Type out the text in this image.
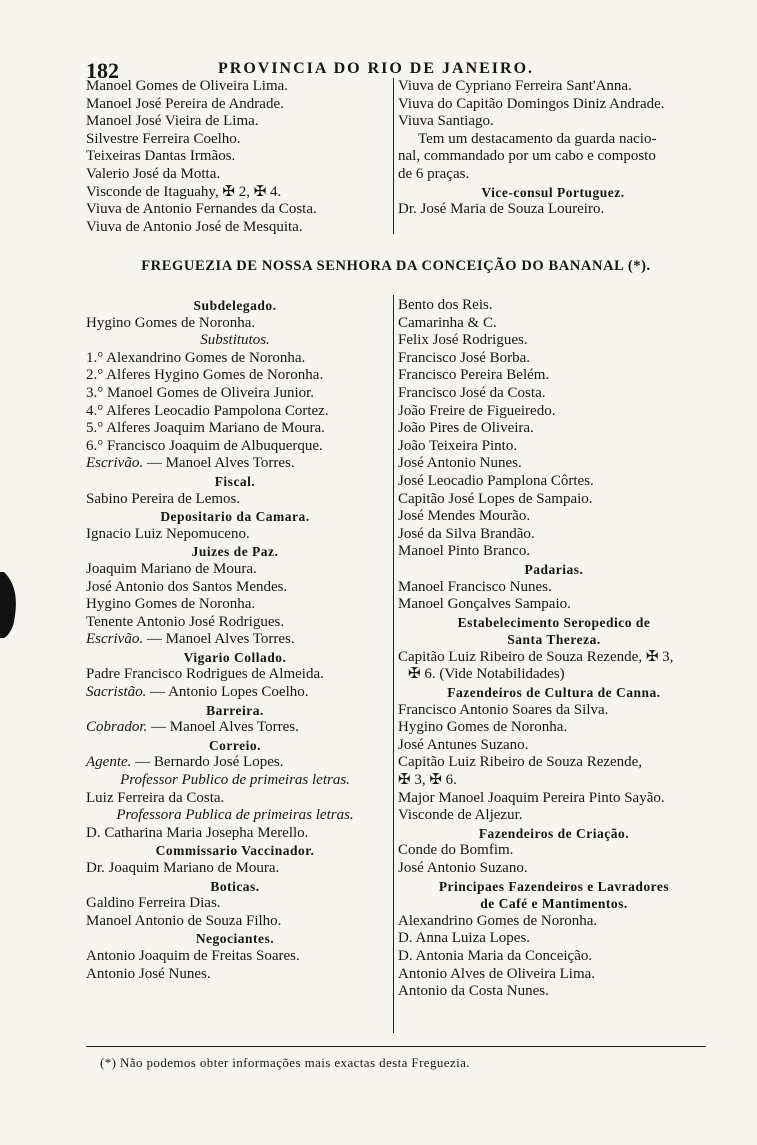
182	PROVINCIA DO RIO DE JANEIRO.
Manoel Gomes de Oliveira Lima.
Manoel José Pereira de Andrade.
Manoel José Vieira de Lima.
Silvestre Ferreira Coelho.
Teixeiras Dantas Irmãos.
Valerio José da Motta.
Visconde de Itaguahy, ✠ 2, ✠ 4.
Viuva de Antonio Fernandes da Costa.
Viuva de Antonio José de Mesquita.
Viuva de Cypriano Ferreira Sant'Anna.
Viuva do Capitão Domingos Diniz Andrade.
Viuva Santiago.
Tem um destacamento da guarda nacio-
nal, commandado por um cabo e composto
de 6 praças.
Vice-consul Portuguez.
Dr. José Maria de Souza Loureiro.
FREGUEZIA DE NOSSA SENHORA DA CONCEIÇÃO DO BANANAL (*).
Subdelegado.
Hygino Gomes de Noronha.
Substitutos.
1.° Alexandrino Gomes de Noronha.
2.° Alferes Hygino Gomes de Noronha.
3.° Manoel Gomes de Oliveira Junior.
4.° Alferes Leocadio Pampolona Cortez.
5.° Alferes Joaquim Mariano de Moura.
6.° Francisco Joaquim de Albuquerque.
Escrivão. — Manoel Alves Torres.
Fiscal.
Sabino Pereira de Lemos.
Depositario da Camara.
Ignacio Luiz Nepomuceno.
Juizes de Paz.
Joaquim Mariano de Moura.
José Antonio dos Santos Mendes.
Hygino Gomes de Noronha.
Tenente Antonio José Rodrigues.
Escrivão. — Manoel Alves Torres.
Vigario Collado.
Padre Francisco Rodrigues de Almeida.
Sacristão. — Antonio Lopes Coelho.
Barreira.
Cobrador. — Manoel Alves Torres.
Correio.
Agente. — Bernardo José Lopes.
Professor Publico de primeiras letras.
Luiz Ferreira da Costa.
Professora Publica de primeiras letras.
D. Catharina Maria Josepha Merello.
Commissario Vaccinador.
Dr. Joaquim Mariano de Moura.
Boticas.
Galdino Ferreira Dias.
Manoel Antonio de Souza Filho.
Negociantes.
Antonio Joaquim de Freitas Soares.
Antonio José Nunes.
Bento dos Reis.
Camarinha & C.
Felix José Rodrigues.
Francisco José Borba.
Francisco Pereira Belém.
Francisco José da Costa.
João Freire de Figueiredo.
João Pires de Oliveira.
João Teixeira Pinto.
José Antonio Nunes.
José Leocadio Pamplona Côrtes.
Capitão José Lopes de Sampaio.
José Mendes Mourão.
José da Silva Brandão.
Manoel Pinto Branco.
Padarias.
Manoel Francisco Nunes.
Manoel Gonçalves Sampaio.
Estabelecimento Seropedico de
Santa Thereza.
Capitão Luiz Ribeiro de Souza Rezende, ✠ 3,
✠ 6. (Vide Notabilidades)
Fazendeiros de Cultura de Canna.
Francisco Antonio Soares da Silva.
Hygino Gomes de Noronha.
José Antunes Suzano.
Capitão Luiz Ribeiro de Souza Rezende,
✠ 3, ✠ 6.
Major Manoel Joaquim Pereira Pinto Sayão.
Visconde de Aljezur.
Fazendeiros de Criação.
Conde do Bomfim.
José Antonio Suzano.
Principaes Fazendeiros e Lavradores
de Café e Mantimentos.
Alexandrino Gomes de Noronha.
D. Anna Luiza Lopes.
D. Antonia Maria da Conceição.
Antonio Alves de Oliveira Lima.
Antonio da Costa Nunes.
(*) Não podemos obter informações mais exactas desta Freguezia.
